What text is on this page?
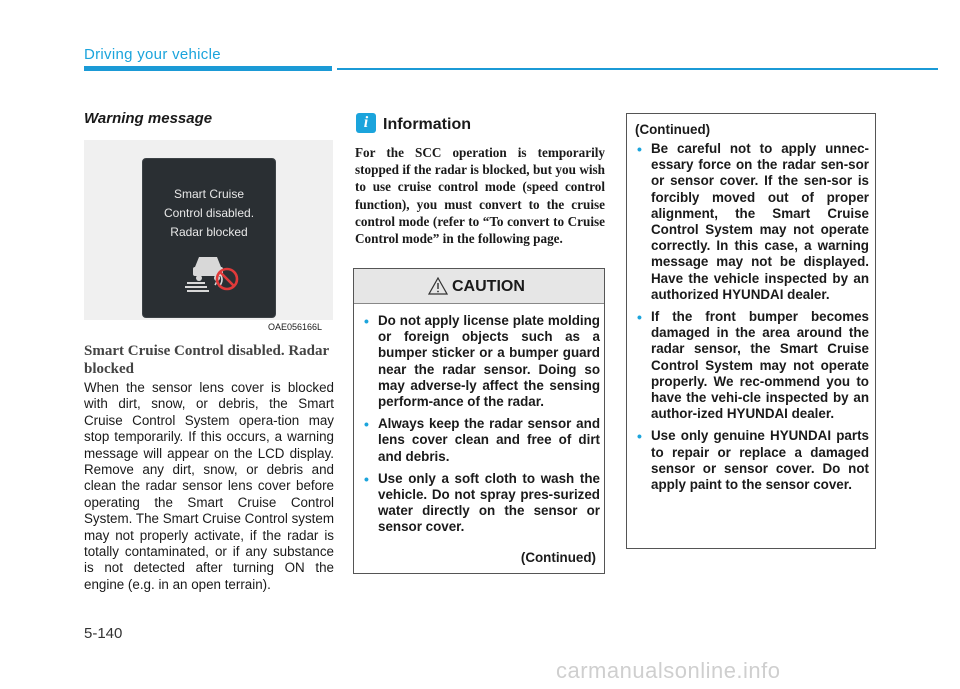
Driving your vehicle
Warning message
Smart Cruise
Control disabled.
Radar blocked
OAE056166L
Smart Cruise Control disabled. Radar blocked
When the sensor lens cover is blocked with dirt, snow, or debris, the Smart Cruise Control System opera-tion may stop temporarily. If this occurs, a warning message will appear on the LCD display. Remove any dirt, snow, or debris and clean the radar sensor lens cover before operating the Smart Cruise Control System. The Smart Cruise Control system may not properly activate, if the radar is totally contaminated, or if any substance is not detected after turning ON the engine (e.g. in an open terrain).
i Information
For the SCC operation is temporarily stopped if the radar is blocked, but you wish to use cruise control mode (speed control function), you must convert to the cruise control mode (refer to “To convert to Cruise Control mode” in the following page.
CAUTION
• Do not apply license plate molding or foreign objects such as a bumper sticker or a bumper guard near the radar sensor. Doing so may adverse-ly affect the sensing perform-ance of the radar.
• Always keep the radar sensor and lens cover clean and free of dirt and debris.
• Use only a soft cloth to wash the vehicle. Do not spray pres-surized water directly on the sensor or sensor cover.
(Continued)
(Continued)
• Be careful not to apply unnec-essary force on the radar sen-sor or sensor cover. If the sen-sor is forcibly moved out of proper alignment, the Smart Cruise Control System may not operate correctly. In this case, a warning message may not be displayed. Have the vehicle inspected by an authorized HYUNDAI dealer.
• If the front bumper becomes damaged in the area around the radar sensor, the Smart Cruise Control System may not operate properly. We rec-ommend you to have the vehi-cle inspected by an author-ized HYUNDAI dealer.
• Use only genuine HYUNDAI parts to repair or replace a damaged sensor or sensor cover. Do not apply paint to the sensor cover.
5-140
carmanualsonline.info
